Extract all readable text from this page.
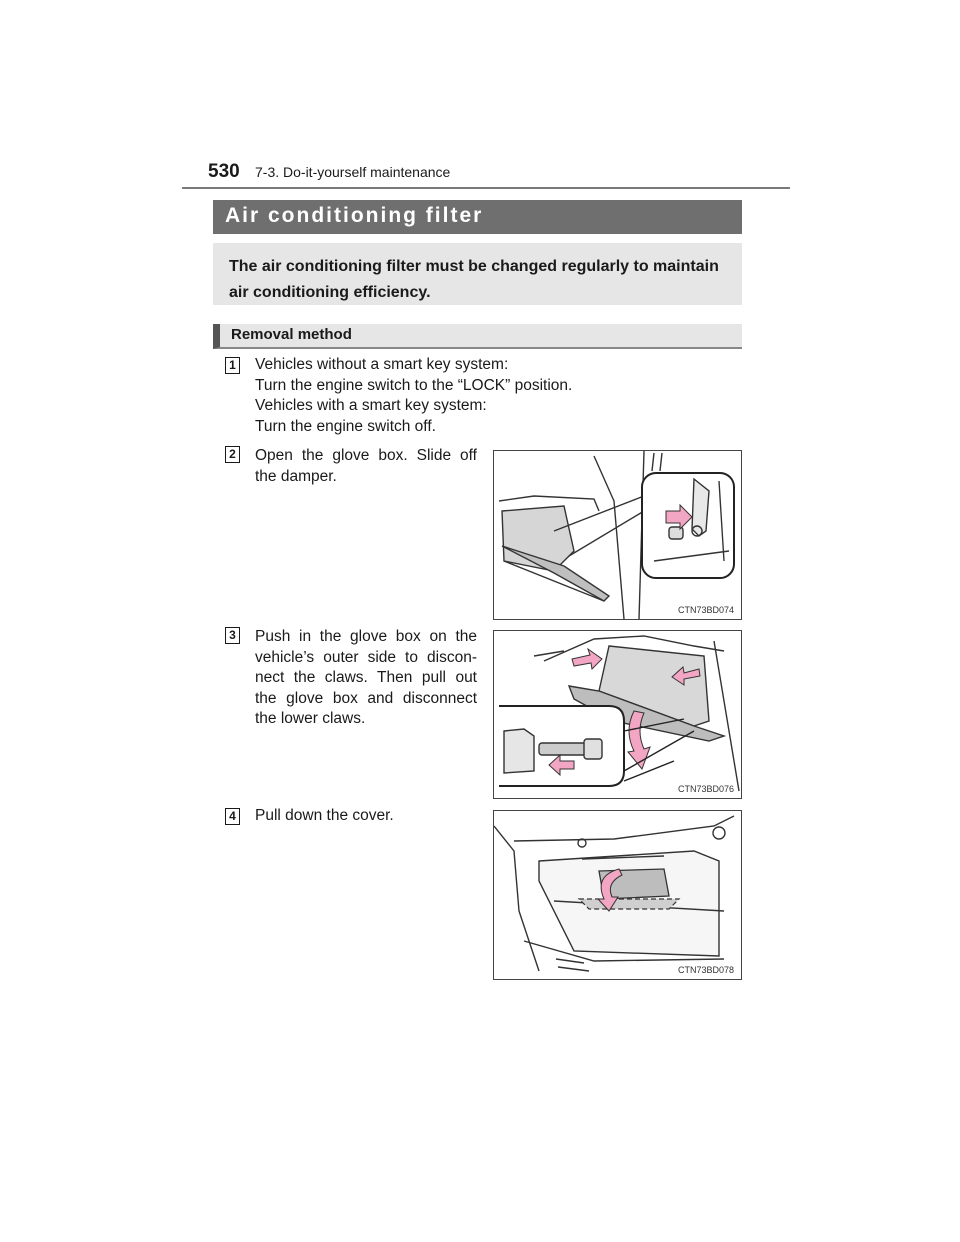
530 7-3. Do-it-yourself maintenance
Air conditioning filter
The air conditioning filter must be changed regularly to maintain air conditioning efficiency.
Removal method
1 Vehicles without a smart key system:
Turn the engine switch to the “LOCK” position.
Vehicles with a smart key system:
Turn the engine switch off.
2 Open the glove box. Slide off
the damper.
CTN73BD074
3 Push in the glove box on the
vehicle’s outer side to discon-
nect the claws. Then pull out
the glove box and disconnect
the lower claws.
CTN73BD076
4 Pull down the cover.
CTN73BD078
